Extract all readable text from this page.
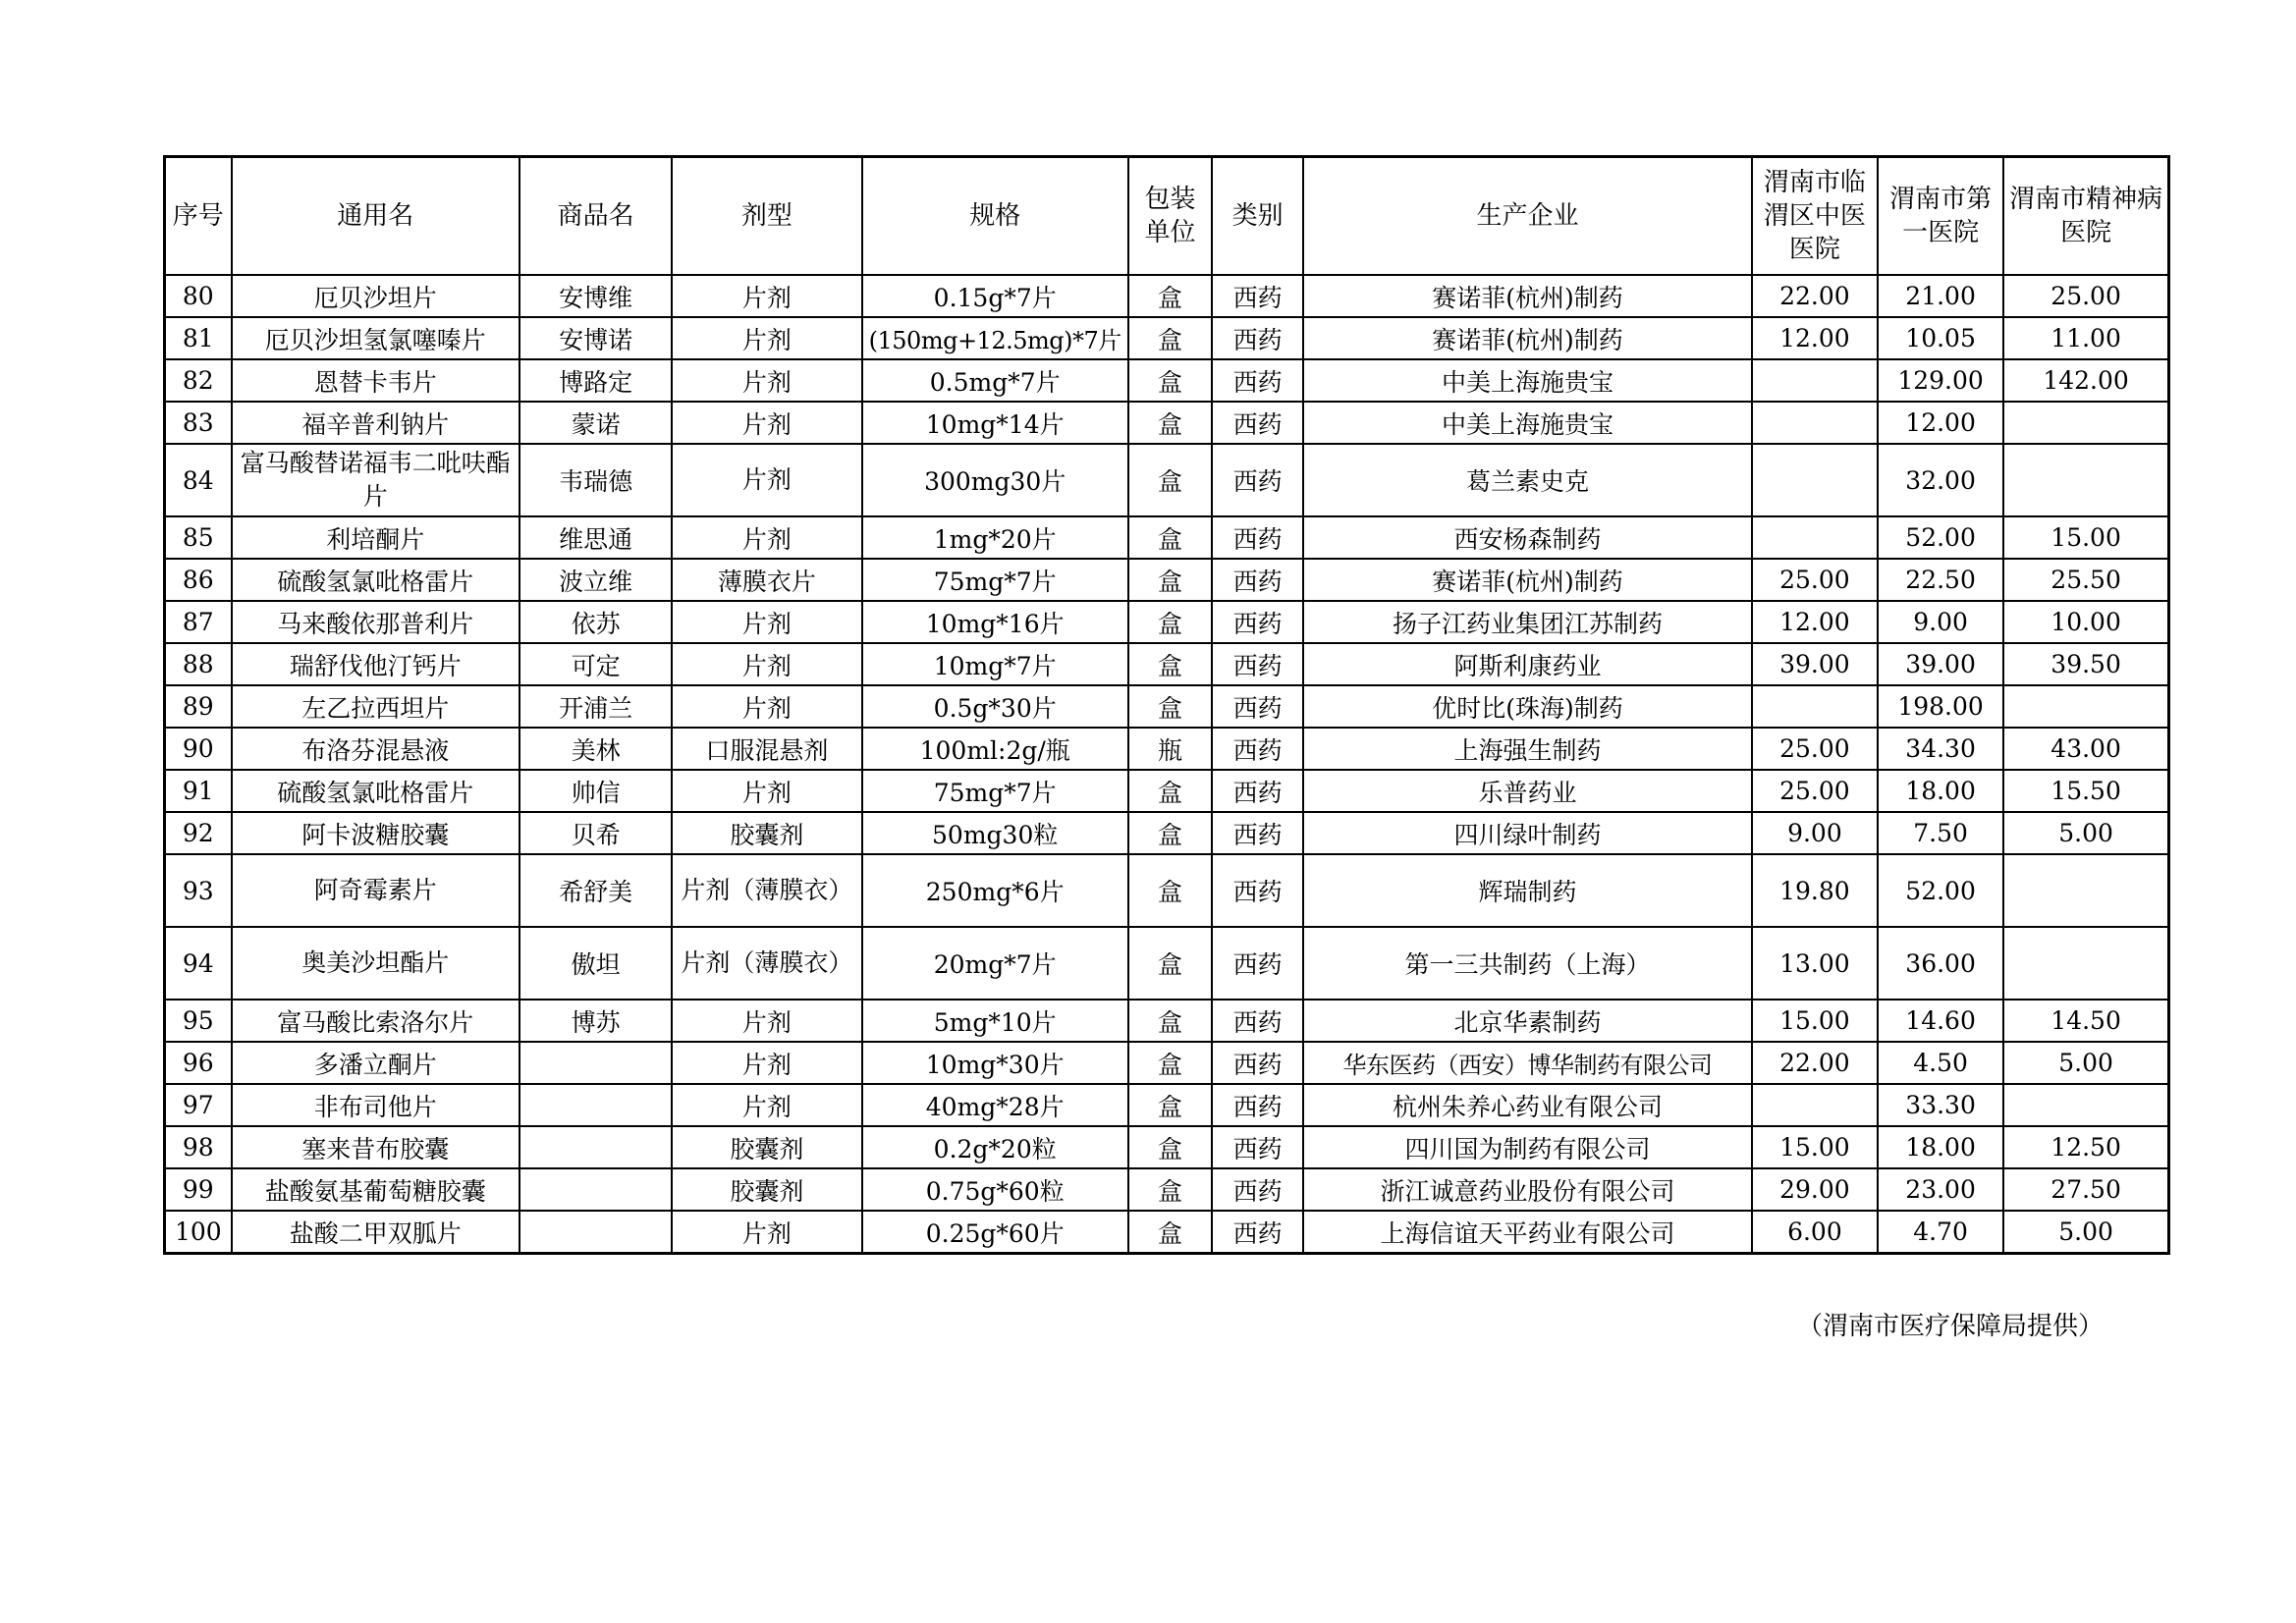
序号	通用名	商品名	剂型	规格	包装单位	类别	生产企业	渭南市临渭区中医医院	渭南市第一医院	渭南市精神病医院
80	厄贝沙坦片	安博维	片剂	0.15g*7片	盒	西药	赛诺菲(杭州)制药	22.00	21.00	25.00
81	厄贝沙坦氢氯噻嗪片	安博诺	片剂	(150mg+12.5mg)*7片	盒	西药	赛诺菲(杭州)制药	12.00	10.05	11.00
82	恩替卡韦片	博路定	片剂	0.5mg*7片	盒	西药	中美上海施贵宝		129.00	142.00
83	福辛普利钠片	蒙诺	片剂	10mg*14片	盒	西药	中美上海施贵宝		12.00	
84	富马酸替诺福韦二吡呋酯片	韦瑞德	片剂	300mg30片	盒	西药	葛兰素史克		32.00	
85	利培酮片	维思通	片剂	1mg*20片	盒	西药	西安杨森制药		52.00	15.00
86	硫酸氢氯吡格雷片	波立维	薄膜衣片	75mg*7片	盒	西药	赛诺菲(杭州)制药	25.00	22.50	25.50
87	马来酸依那普利片	依苏	片剂	10mg*16片	盒	西药	扬子江药业集团江苏制药	12.00	9.00	10.00
88	瑞舒伐他汀钙片	可定	片剂	10mg*7片	盒	西药	阿斯利康药业	39.00	39.00	39.50
89	左乙拉西坦片	开浦兰	片剂	0.5g*30片	盒	西药	优时比(珠海)制药		198.00	
90	布洛芬混悬液	美林	口服混悬剂	100ml:2g/瓶	瓶	西药	上海强生制药	25.00	34.30	43.00
91	硫酸氢氯吡格雷片	帅信	片剂	75mg*7片	盒	西药	乐普药业	25.00	18.00	15.50
92	阿卡波糖胶囊	贝希	胶囊剂	50mg30粒	盒	西药	四川绿叶制药	9.00	7.50	5.00
93	阿奇霉素片	希舒美	片剂（薄膜衣）	250mg*6片	盒	西药	辉瑞制药	19.80	52.00	
94	奥美沙坦酯片	傲坦	片剂（薄膜衣）	20mg*7片	盒	西药	第一三共制药（上海）	13.00	36.00	
95	富马酸比索洛尔片	博苏	片剂	5mg*10片	盒	西药	北京华素制药	15.00	14.60	14.50
96	多潘立酮片		片剂	10mg*30片	盒	西药	华东医药（西安）博华制药有限公司	22.00	4.50	5.00
97	非布司他片		片剂	40mg*28片	盒	西药	杭州朱养心药业有限公司		33.30	
98	塞来昔布胶囊		胶囊剂	0.2g*20粒	盒	西药	四川国为制药有限公司	15.00	18.00	12.50
99	盐酸氨基葡萄糖胶囊		胶囊剂	0.75g*60粒	盒	西药	浙江诚意药业股份有限公司	29.00	23.00	27.50
100	盐酸二甲双胍片		片剂	0.25g*60片	盒	西药	上海信谊天平药业有限公司	6.00	4.70	5.00
（渭南市医疗保障局提供）
